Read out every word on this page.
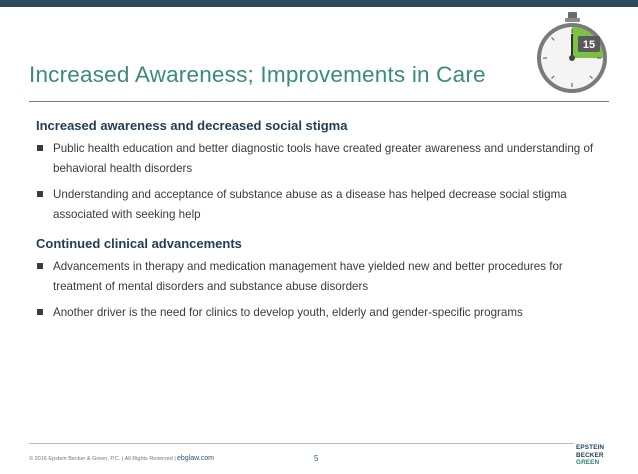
15
Increased Awareness; Improvements in Care

Increased awareness and decreased social stigma

Public health education and better diagnostic tools have created greater awareness and understanding of behavioral health disorders
Understanding and acceptance of substance abuse as a disease has helped decrease social stigma associated with seeking help

Continued clinical advancements

Advancements in therapy and medication management have yielded new and better procedures for treatment of mental disorders and substance abuse disorders
Another driver is the need for clinics to develop youth, elderly and gender-specific programs
© 2016 Epstein Becker & Green, P.C. | All Rights Reserved | ebglaw.com	5
EPSTEIN
BECKER
GREEN
